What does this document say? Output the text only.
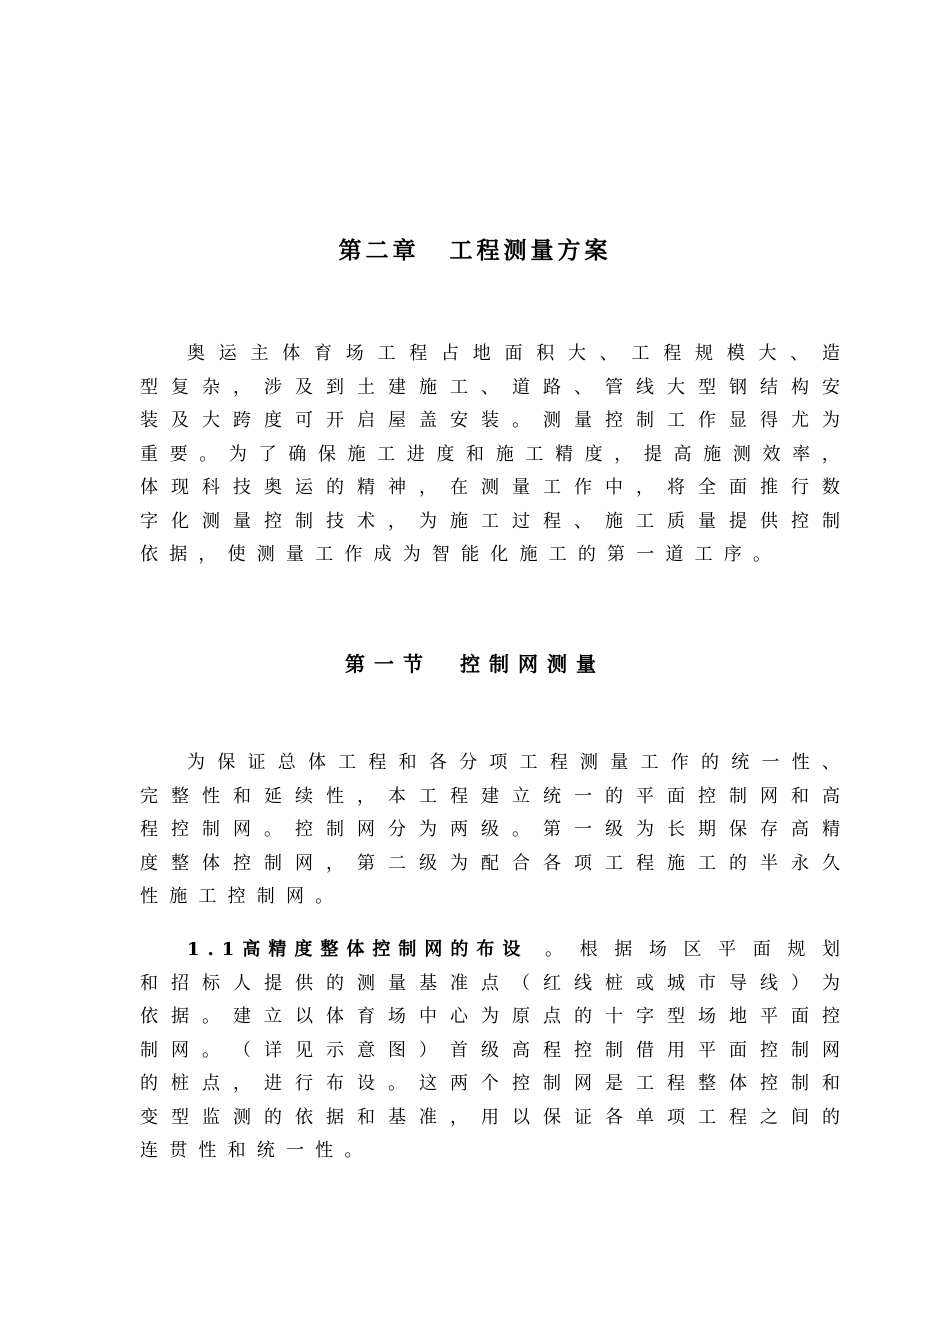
第二章 工程测量方案
奥 运 主 体 育 场 工 程 占 地 面 积 大 、 工 程 规 模 大 、 造
型 复 杂 ， 涉 及 到 土 建 施 工 、 道 路 、 管 线 大 型 钢 结 构 安
装 及 大 跨 度 可 开 启 屋 盖 安 装 。 测 量 控 制 工 作 显 得 尤 为
重 要 。 为 了 确 保 施 工 进 度 和 施 工 精 度 ， 提 高 施 测 效 率 ，
体 现 科 技 奥 运 的 精 神 ， 在 测 量 工 作 中 ， 将 全 面 推 行 数
字 化 测 量 控 制 技 术 ， 为 施 工 过 程 、 施 工 质 量 提 供 控 制
依 据 ， 使 测 量 工 作 成 为 智 能 化 施 工 的 第 一 道 工 序 。
第一节 控制网测量
为 保 证 总 体 工 程 和 各 分 项 工 程 测 量 工 作 的 统 一 性 、
完 整 性 和 延 续 性 ， 本 工 程 建 立 统 一 的 平 面 控 制 网 和 高
程 控 制 网 。 控 制 网 分 为 两 级 。 第 一 级 为 长 期 保 存 高 精
度 整 体 控 制 网 ， 第 二 级 为 配 合 各 项 工 程 施 工 的 半 永 久
性 施 工 控 制 网 。
1.1高精度整体控制网的布设 。 根 据 场 区 平 面 规 划
和 招 标 人 提 供 的 测 量 基 准 点 （ 红 线 桩 或 城 市 导 线 ） 为
依 据 。 建 立 以 体 育 场 中 心 为 原 点 的 十 字 型 场 地 平 面 控
制 网 。 （ 详 见 示 意 图 ） 首 级 高 程 控 制 借 用 平 面 控 制 网
的 桩 点 ， 进 行 布 设 。 这 两 个 控 制 网 是 工 程 整 体 控 制 和
变 型 监 测 的 依 据 和 基 准 ， 用 以 保 证 各 单 项 工 程 之 间 的
连 贯 性 和 统 一 性 。
